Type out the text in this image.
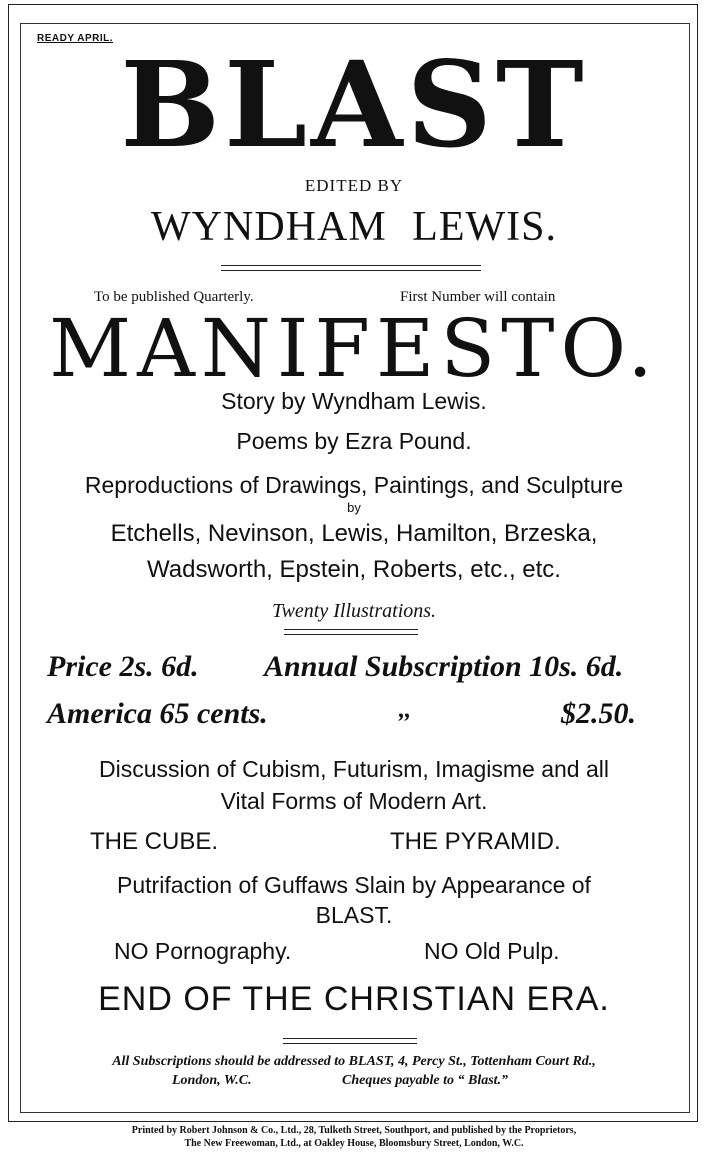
READY APRIL. BLAST
EDITED BY
WYNDHAM LEWIS.
To be published Quarterly.	First Number will contain
MANIFESTO.
Story by Wyndham Lewis.
Poems by Ezra Pound.
Reproductions of Drawings, Paintings, and Sculpture
by
Etchells, Nevinson, Lewis, Hamilton, Brzeska,
Wadsworth, Epstein, Roberts, etc., etc.
Twenty Illustrations.
Price 2s. 6d. Annual Subscription 10s. 6d.
America 65 cents.	,,	$2.50.
Discussion of Cubism, Futurism, Imagisme and all
Vital Forms of Modern Art.
THE CUBE.	THE PYRAMID.
Putrifaction of Guffaws Slain by Appearance of
BLAST.
NO Pornography.	NO Old Pulp.
END OF THE CHRISTIAN ERA.
All Subscriptions should be addressed to BLAST, 4, Percy St., Tottenham Court Rd.,
London, W.C.	Cheques payable to “ Blast.”
Printed by Robert Johnson & Co., Ltd., 28, Tulketh Street, Southport, and published by the Proprietors,
The New Freewoman, Ltd., at Oakley House, Bloomsbury Street, London, W.C.
